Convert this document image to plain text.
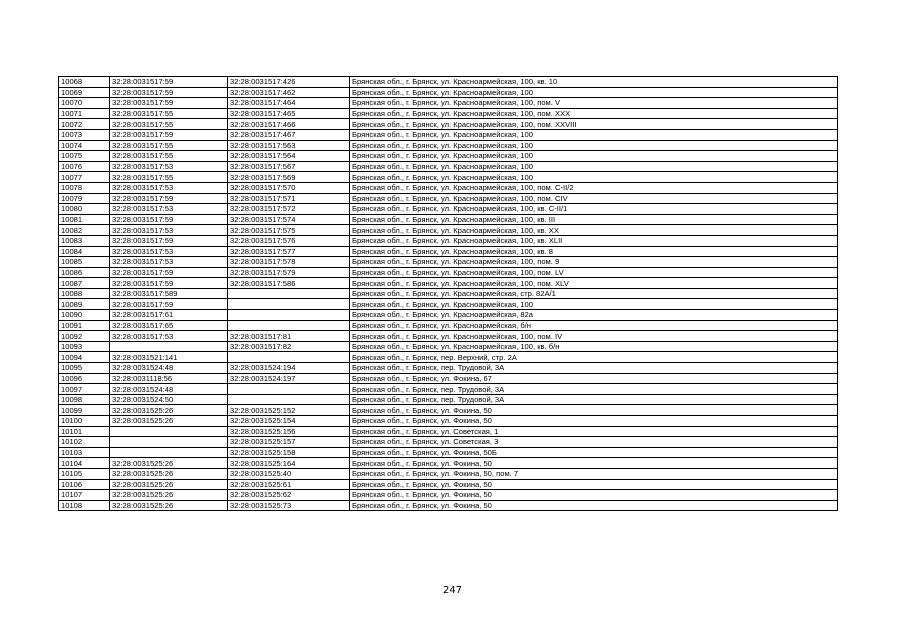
10068	32:28:0031517:59	32:28:0031517:426	Брянская обл., г. Брянск, ул. Красноармейская, 100, кв. 10
10069	32:28:0031517:59	32:28:0031517:462	Брянская обл., г. Брянск, ул. Красноармейская, 100
10070	32:28:0031517:59	32:28:0031517:464	Брянская обл., г. Брянск, ул. Красноармейская, 100, пом. V
10071	32:28:0031517:55	32:28:0031517:465	Брянская обл., г. Брянск, ул. Красноармейская, 100, пом. XXX
10072	32:28:0031517:55	32:28:0031517:466	Брянская обл., г. Брянск, ул. Красноармейская, 100, пом. XXVIII
10073	32:28:0031517:59	32:28:0031517:467	Брянская обл., г. Брянск, ул. Красноармейская, 100
10074	32:28:0031517:55	32:28:0031517:563	Брянская обл., г. Брянск, ул. Красноармейская, 100
10075	32:28:0031517:55	32:28:0031517:564	Брянская обл., г. Брянск, ул. Красноармейская, 100
10076	32:28:0031517:53	32:28:0031517:567	Брянская обл., г. Брянск, ул. Красноармейская, 100
10077	32:28:0031517:55	32:28:0031517:569	Брянская обл., г. Брянск, ул. Красноармейская, 100
10078	32:28:0031517:53	32:28:0031517:570	Брянская обл., г. Брянск, ул. Красноармейская, 100, пом. C-II/2
10079	32:28:0031517:59	32:28:0031517:571	Брянская обл., г. Брянск, ул. Красноармейская, 100, пом. CIV
10080	32:28:0031517:53	32:28:0031517:572	Брянская обл., г. Брянск, ул. Красноармейская, 100, кв. C-II/1
10081	32:28:0031517:59	32:28:0031517:574	Брянская обл., г. Брянск, ул. Красноармейская, 100, кв. III
10082	32:28:0031517:53	32:28:0031517:575	Брянская обл., г. Брянск, ул. Красноармейская, 100, кв. XX
10083	32:28:0031517:59	32:28:0031517:576	Брянская обл., г. Брянск, ул. Красноармейская, 100, кв. XLII
10084	32:28:0031517:53	32:28:0031517:577	Брянская обл., г. Брянск, ул. Красноармейская, 100, кв. 8
10085	32:28:0031517:53	32:28:0031517:578	Брянская обл., г. Брянск, ул. Красноармейская, 100, пом. 9
10086	32:28:0031517:59	32:28:0031517:579	Брянская обл., г. Брянск, ул. Красноармейская, 100, пом. LV
10087	32:28:0031517:59	32:28:0031517:586	Брянская обл., г. Брянск, ул. Красноармейская, 100, пом. XLV
10088	32:28:0031517:589		Брянская обл., г. Брянск, ул. Красноармейская, стр. 82А/1
10089	32:28:0031517:59		Брянская обл., г. Брянск, ул. Красноармейская, 100
10090	32:28:0031517:61		Брянская обл., г. Брянск, ул. Красноармейская, 82а
10091	32:28:0031517:65		Брянская обл., г. Брянск, ул. Красноармейская, б/н
10092	32:28:0031517:53	32:28:0031517:81	Брянская обл., г. Брянск, ул. Красноармейская, 100, пом. IV
10093		32:28:0031517:82	Брянская обл., г. Брянск, ул. Красноармейская, 100, кв. б/н
10094	32:28:0031521:141		Брянская обл., г. Брянск, пер. Верхний, стр. 2А
10095	32:28:0031524:48	32:28:0031524:194	Брянская обл., г. Брянск, пер. Трудовой, 3А
10096	32:28:0031118:56	32:28:0031524:197	Брянская обл., г. Брянск, ул. Фокина, 67
10097	32:28:0031524:48		Брянская обл., г. Брянск, пер. Трудовой, 3А
10098	32:28:0031524:50		Брянская обл., г. Брянск, пер. Трудовой, 3А
10099	32:28:0031525:26	32:28:0031525:152	Брянская обл., г. Брянск, ул. Фокина, 50
10100	32:28:0031525:26	32:28:0031525:154	Брянская обл., г. Брянск, ул. Фокина, 50
10101		32:28:0031525:156	Брянская обл., г. Брянск, ул. Советская, 1
10102		32:28:0031525:157	Брянская обл., г. Брянск, ул. Советская, 3
10103		32:28:0031525:158	Брянская обл., г. Брянск, ул. Фокина, 50Б
10104	32:28:0031525:26	32:28:0031525:164	Брянская обл., г. Брянск, ул. Фокина, 50
10105	32:28:0031525:26	32:28:0031525:40	Брянская обл., г. Брянск, ул. Фокина, 50, пом. 7
10106	32:28:0031525:26	32:28:0031525:61	Брянская обл., г. Брянск, ул. Фокина, 50
10107	32:28:0031525:26	32:28:0031525:62	Брянская обл., г. Брянск, ул. Фокина, 50
10108	32:28:0031525:26	32:28:0031525:73	Брянская обл., г. Брянск, ул. Фокина, 50
247
